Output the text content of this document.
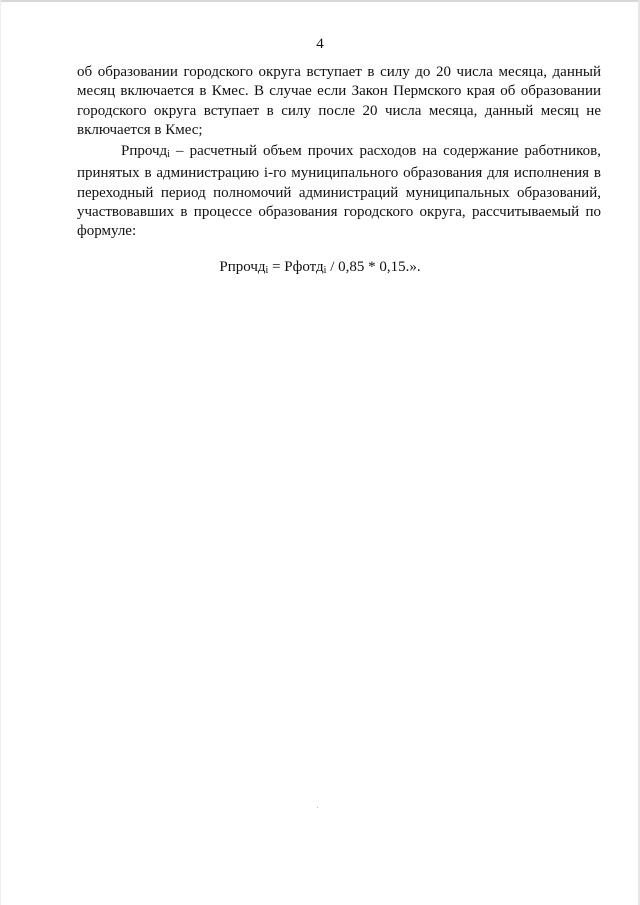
4

об образовании городского округа вступает в силу до 20 числа месяца, данный месяц включается в Кмес. В случае если Закон Пермского края об образовании городского округа вступает в силу после 20 числа месяца, данный месяц не включается в Кмес;

Рпрочд$_i$ – расчетный объем прочих расходов на содержание работников, принятых в администрацию i-го муниципального образования для исполнения в переходный период полномочий администраций муниципальных образований, участвовавших в процессе образования городского округа, рассчитываемый по формуле:

Рпрочд$_i$ = Рфотд$_i$ / 0,85 * 0,15.».
